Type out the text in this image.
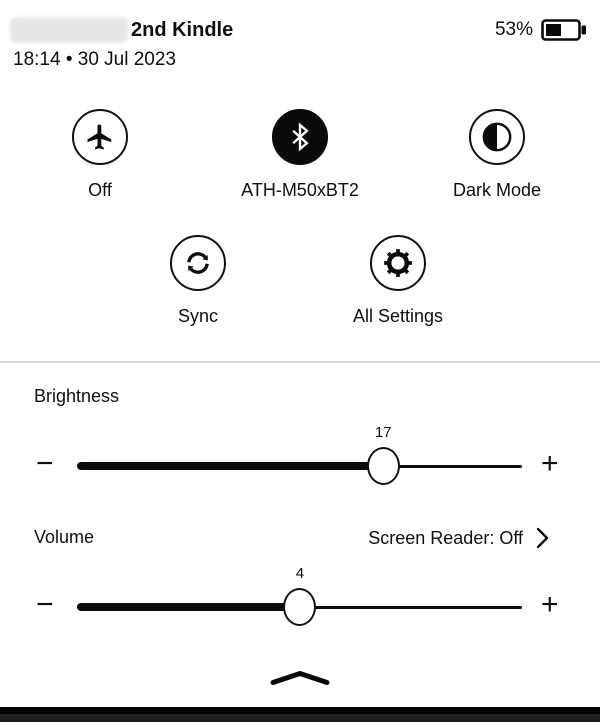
2nd Kindle	53%
18:14 • 30 Jul 2023
Off	ATH-M50xBT2	Dark Mode
Sync	All Settings
Brightness
−
17
+
Volume	Screen Reader: Off
−
4
+
